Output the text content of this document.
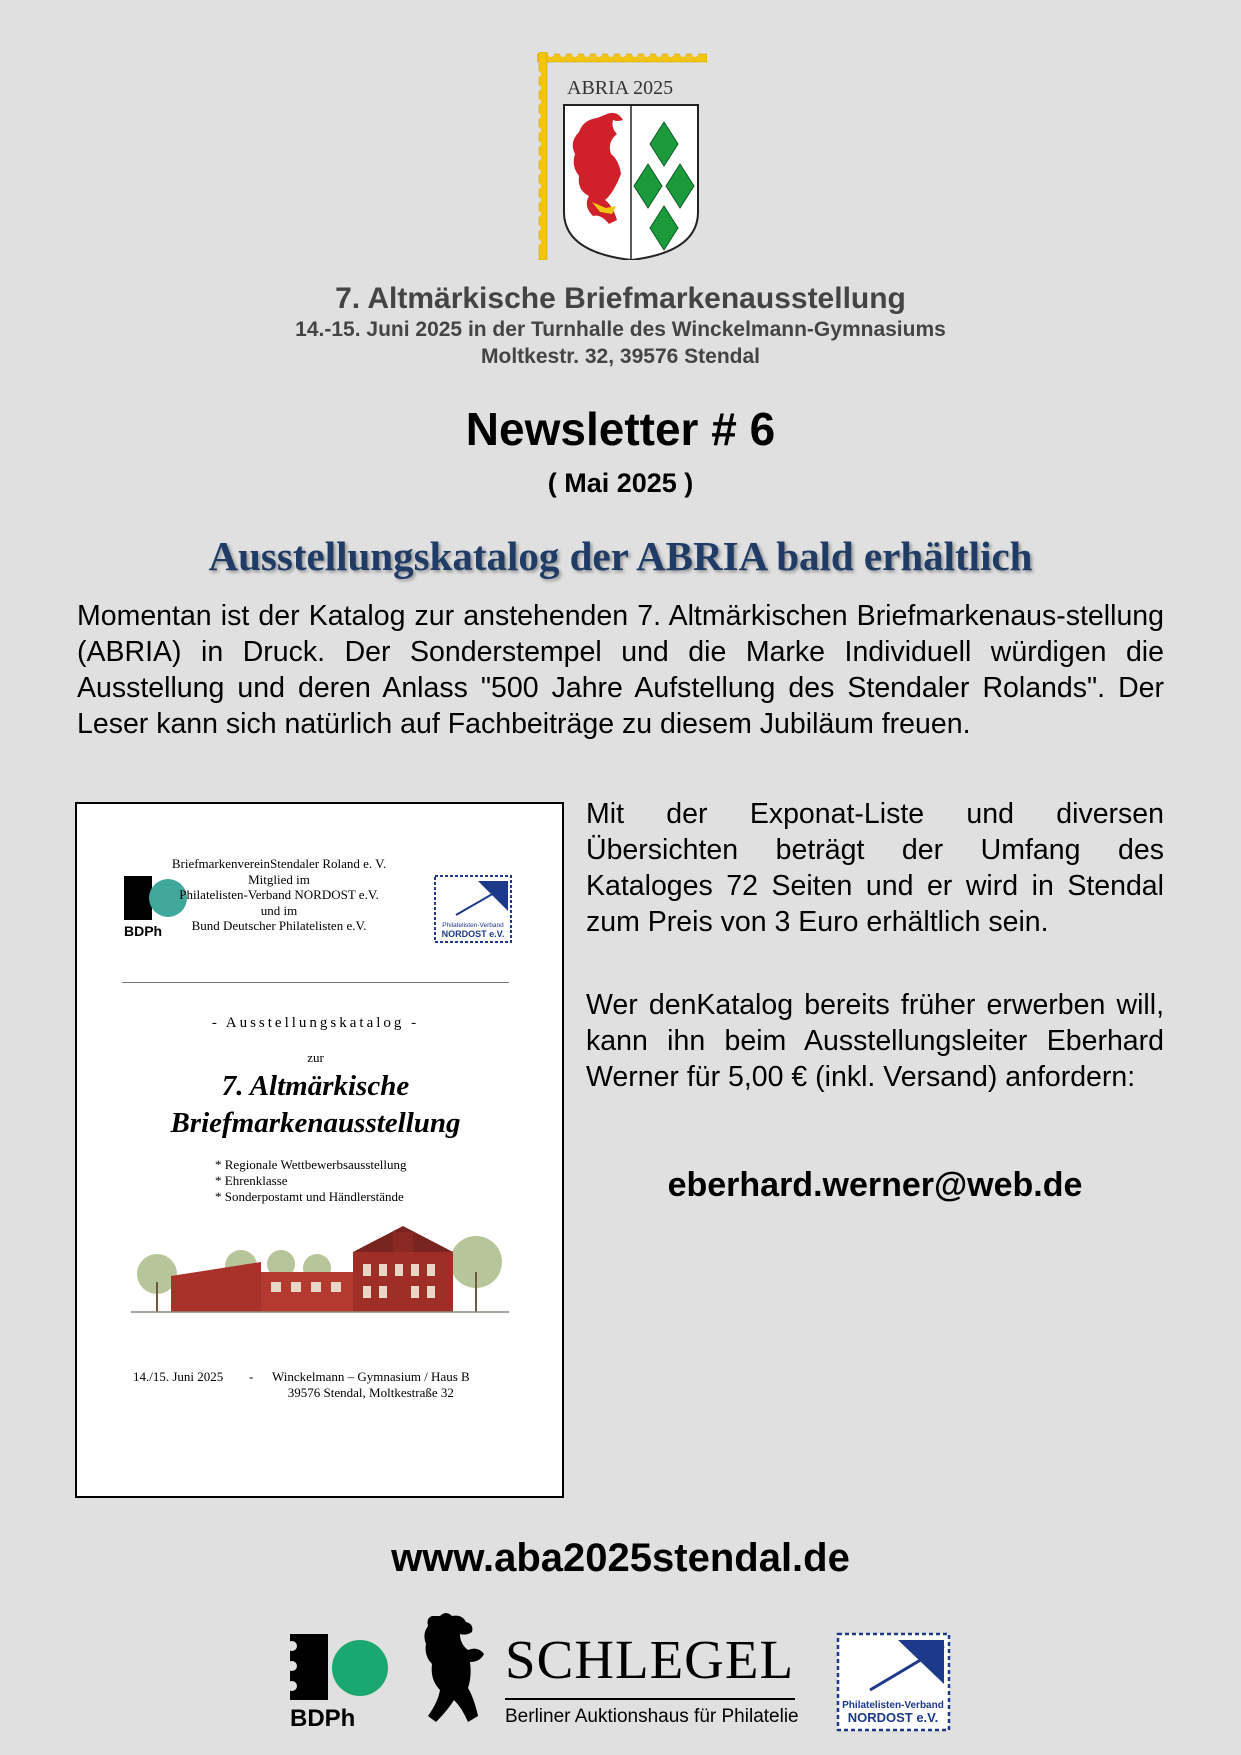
ABRIA 2025
7. Altmärkische Briefmarkenausstellung
14.-15. Juni 2025 in der Turnhalle des Winckelmann-Gymnasiums
Moltkestr. 32, 39576 Stendal
Newsletter # 6
( Mai 2025 )
Ausstellungskatalog der ABRIA bald erhältlich
Momentan ist der Katalog zur anstehenden 7. Altmärkischen Briefmarkenaus-stellung (ABRIA) in Druck. Der Sonderstempel und die Marke Individuell würdigen die Ausstellung und deren Anlass "500 Jahre Aufstellung des Stendaler Rolands". Der Leser kann sich natürlich auf Fachbeiträge zu diesem Jubiläum freuen.
BDPh
BriefmarkenvereinStendaler Roland e. V.
Mitglied im
Philatelisten-Verband NORDOST e.V.
und im
Bund Deutscher Philatelisten e.V.	Philatelisten-Verband
NORDOST e.V.
- Ausstellungskatalog -
zur
7. Altmärkische
Briefmarkenausstellung
* Regionale Wettbewerbsausstellung
* Ehrenklasse
* Sonderpostamt und Händlerstände
14./15. Juni 2025 - Winckelmann – Gymnasium / Haus B
39576 Stendal, Moltkestraße 32
Mit der Exponat-Liste und diversen Übersichten beträgt der Umfang des Kataloges 72 Seiten und er wird in Stendal zum Preis von 3 Euro erhältlich sein.
Wer denKatalog bereits früher erwerben will, kann ihn beim Ausstellungsleiter Eberhard Werner für 5,00 € (inkl. Versand) anfordern:
eberhard.werner@web.de
www.aba2025stendal.de
BDPh
SCHLEGEL
Berliner Auktionshaus für Philatelie
Philatelisten-Verband
NORDOST e.V.
